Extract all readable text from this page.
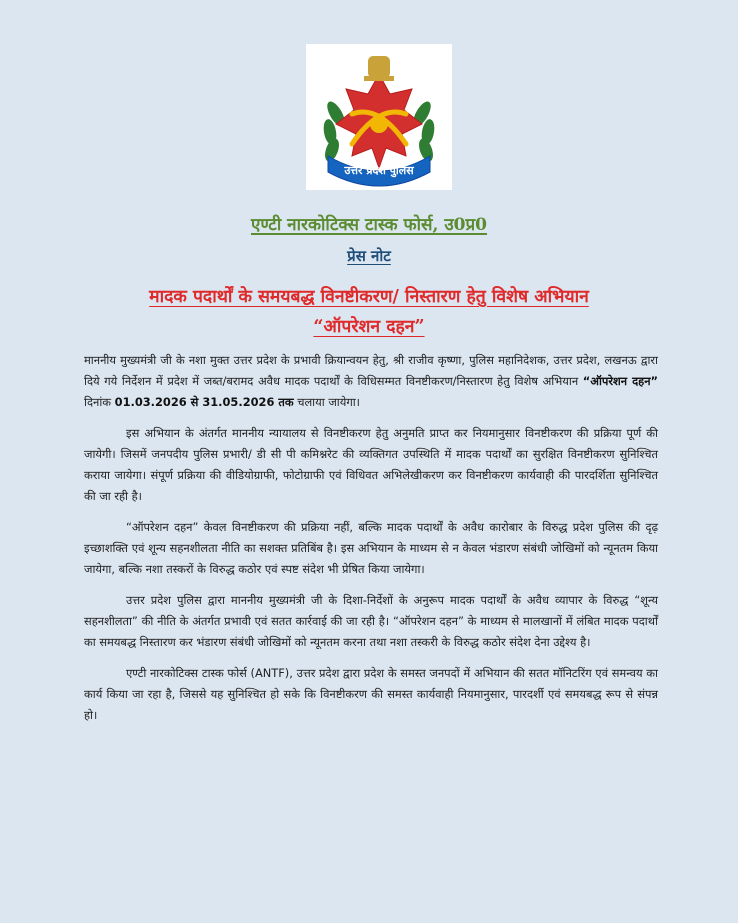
उत्तर प्रदेश पुलिस
एण्टी नारकोटिक्स टास्क फोर्स, उ0प्र0
प्रेस नोट
मादक पदार्थों के समयबद्ध विनष्टीकरण/ निस्तारण हेतु विशेष अभियान
“ऑपरेशन दहन”

माननीय मुख्यमंत्री जी के नशा मुक्त उत्तर प्रदेश के प्रभावी क्रियान्वयन हेतु, श्री राजीव कृष्णा, पुलिस महानिदेशक, उत्तर प्रदेश, लखनऊ द्वारा दिये गये निर्देशन में प्रदेश में जब्त/बरामद अवैध मादक पदार्थों के विधिसम्मत विनष्टीकरण/निस्तारण हेतु विशेष अभियान “ऑपरेशन दहन” दिनांक 01.03.2026 से 31.05.2026 तक चलाया जायेगा।

इस अभियान के अंतर्गत माननीय न्यायालय से विनष्टीकरण हेतु अनुमति प्राप्त कर नियमानुसार विनष्टीकरण की प्रक्रिया पूर्ण की जायेगी। जिसमें जनपदीय पुलिस प्रभारी/ डी सी पी कमिश्नरेट की व्यक्तिगत उपस्थिति में मादक पदार्थों का सुरक्षित विनष्टीकरण सुनिश्चित कराया जायेगा। संपूर्ण प्रक्रिया की वीडियोग्राफी, फोटोग्राफी एवं विधिवत अभिलेखीकरण कर विनष्टीकरण कार्यवाही की पारदर्शिता सुनिश्चित की जा रही है।

“ऑपरेशन दहन” केवल विनष्टीकरण की प्रक्रिया नहीं, बल्कि मादक पदार्थों के अवैध कारोबार के विरुद्ध प्रदेश पुलिस की दृढ़ इच्छाशक्ति एवं शून्य सहनशीलता नीति का सशक्त प्रतिबिंब है। इस अभियान के माध्यम से न केवल भंडारण संबंधी जोखिमों को न्यूनतम किया जायेगा, बल्कि नशा तस्करों के विरुद्ध कठोर एवं स्पष्ट संदेश भी प्रेषित किया जायेगा।

उत्तर प्रदेश पुलिस द्वारा माननीय मुख्यमंत्री जी के दिशा-निर्देशों के अनुरूप मादक पदार्थों के अवैध व्यापार के विरुद्ध “शून्य सहनशीलता” की नीति के अंतर्गत प्रभावी एवं सतत कार्रवाई की जा रही है। “ऑपरेशन दहन” के माध्यम से मालखानों में लंबित मादक पदार्थों का समयबद्ध निस्तारण कर भंडारण संबंधी जोखिमों को न्यूनतम करना तथा नशा तस्करी के विरुद्ध कठोर संदेश देना उद्देश्य है।

एण्टी नारकोटिक्स टास्क फोर्स (ANTF), उत्तर प्रदेश द्वारा प्रदेश के समस्त जनपदों में अभियान की सतत मॉनिटरिंग एवं समन्वय का कार्य किया जा रहा है, जिससे यह सुनिश्चित हो सके कि विनष्टीकरण की समस्त कार्यवाही नियमानुसार, पारदर्शी एवं समयबद्ध रूप से संपन्न हो।
